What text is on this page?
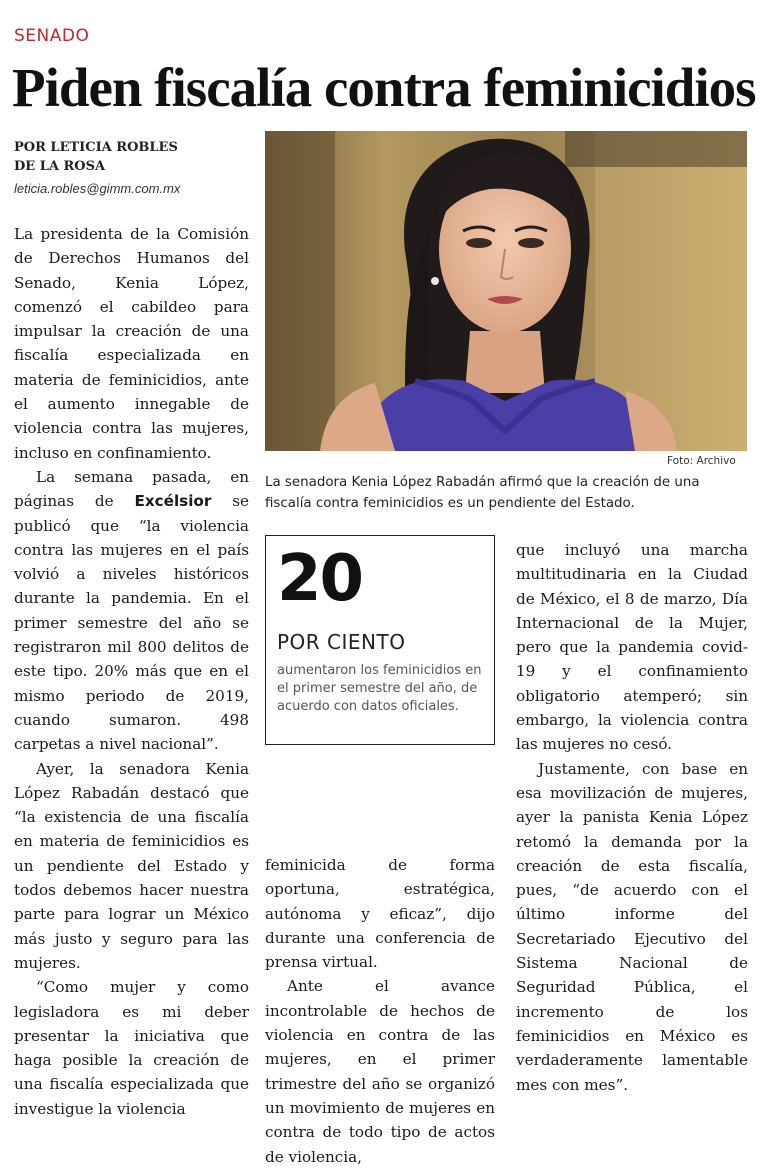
SENADO
Piden fiscalía contra feminicidios
POR LETICIA ROBLES
DE LA ROSA
leticia.robles@gimm.com.mx

La presidenta de la Comisión de Derechos Humanos del Senado, Kenia López, comenzó el cabildeo para impulsar la creación de una fiscalía especializada en materia de feminicidios, ante el aumento innegable de violencia contra las mujeres, incluso en confinamiento.

La semana pasada, en páginas de Excélsior se publicó que “la violencia contra las mujeres en el país volvió a niveles históricos durante la pandemia. En el primer semestre del año se registraron mil 800 delitos de este tipo. 20% más que en el mismo periodo de 2019, cuando sumaron. 498 carpetas a nivel nacional”.

Ayer, la senadora Kenia López Rabadán destacó que “la existencia de una fiscalía en materia de feminicidios es un pendiente del Estado y todos debemos hacer nuestra parte para lograr un México más justo y seguro para las mujeres.

“Como mujer y como legisladora es mi deber presentar la iniciativa que haga posible la creación de una fiscalía especializada que investigue la violencia

Foto: Archivo
La senadora Kenia López Rabadán afirmó que la creación de una fiscalía contra feminicidios es un pendiente del Estado.
20
POR CIENTO
aumentaron los feminicidios en el primer semestre del año, de acuerdo con datos oficiales.

feminicida de forma oportuna, estratégica, autónoma y eficaz”, dijo durante una conferencia de prensa virtual.

Ante el avance incontrolable de hechos de violencia en contra de las mujeres, en el primer trimestre del año se organizó un movimiento de mujeres en contra de todo tipo de actos de violencia,

que incluyó una marcha multitudinaria en la Ciudad de México, el 8 de marzo, Día Internacional de la Mujer, pero que la pandemia covid-19 y el confinamiento obligatorio atemperó; sin embargo, la violencia contra las mujeres no cesó.

Justamente, con base en esa movilización de mujeres, ayer la panista Kenia López retomó la demanda por la creación de esta fiscalía, pues, “de acuerdo con el último informe del Secretariado Ejecutivo del Sistema Nacional de Seguridad Pública, el incremento de los feminicidios en México es verdaderamente lamentable mes con mes”.
